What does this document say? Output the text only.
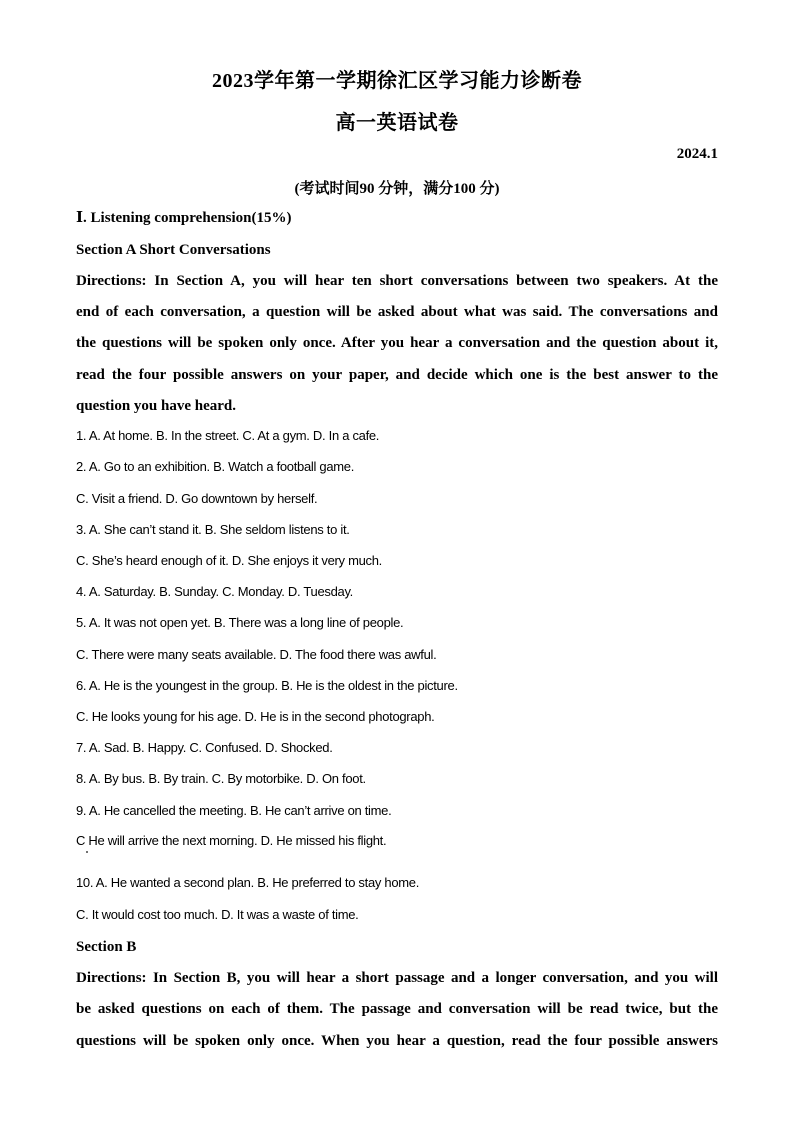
2023学年第一学期徐汇区学习能力诊断卷
高一英语试卷
2024.1
(考试时间90 分钟，满分100 分)
Ⅰ. Listening comprehension(15%)
Section A Short Conversations
Directions: In Section A, you will hear ten short conversations between two speakers. At the
end of each conversation, a question will be asked about what was said. The conversations and
the questions will be spoken only once. After you hear a conversation and the question about it,
read the four possible answers on your paper, and decide which one is the best answer to the
question you have heard.
1. A. At home. B. In the street. C. At a gym. D. In a cafe.
2. A. Go to an exhibition. B. Watch a football game.
C. Visit a friend. D. Go downtown by herself.
3. A. She can’t stand it. B. She seldom listens to it.
C. She’s heard enough of it. D. She enjoys it very much.
4. A. Saturday. B. Sunday. C. Monday. D. Tuesday.
5. A. It was not open yet. B. There was a long line of people.
C. There were many seats available. D. The food there was awful.
6. A. He is the youngest in the group. B. He is the oldest in the picture.
C. He looks young for his age. D. He is in the second photograph.
7. A. Sad. B. Happy. C. Confused. D. Shocked.
8. A. By bus. B. By train. C. By motorbike. D. On foot.
9. A. He cancelled the meeting. B. He can’t arrive on time.
C He will arrive the next morning. D. He missed his flight.
10. A. He wanted a second plan. B. He preferred to stay home.
C. It would cost too much. D. It was a waste of time.
Section B
Directions: In Section B, you will hear a short passage and a longer conversation, and you will
be asked questions on each of them. The passage and conversation will be read twice, but the
questions will be spoken only once. When you hear a question, read the four possible answers
